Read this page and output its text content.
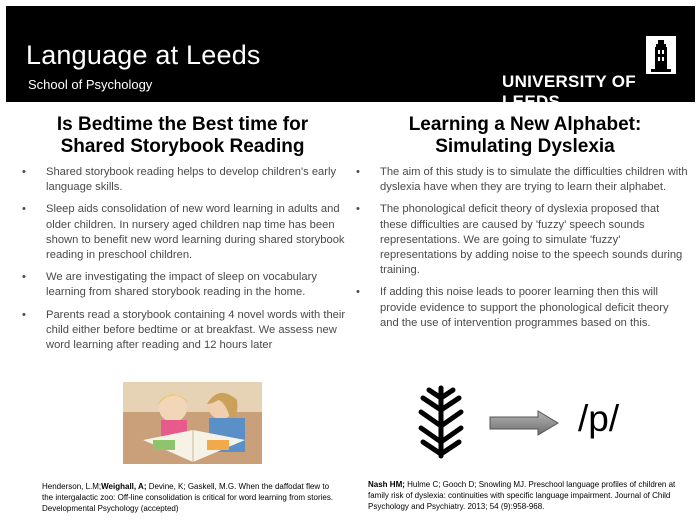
Language at Leeds
School of Psychology	UNIVERSITY OF LEEDS
Is Bedtime the Best time for
Shared Storybook Reading
• Shared storybook reading helps to develop children's early language skills.
• Sleep aids consolidation of new word learning in adults and older children. In nursery aged children nap time has been shown to benefit new word learning during shared storybook reading in preschool children.
• We are investigating the impact of sleep on vocabulary learning from shared storybook reading in the home.
• Parents read a storybook containing 4 novel words with their child either before bedtime or at breakfast. We assess new word learning after reading and 12 hours later
Henderson, L.M;Weighall, A; Devine, K; Gaskell, M.G. When the daffodat flew to the intergalactic zoo: Off-line consolidation is critical for word learning from stories. Developmental Psychology (accepted)
Learning a New Alphabet:
Simulating Dyslexia
• The aim of this study is to simulate the difficulties children with dyslexia have when they are trying to learn their alphabet.
• The phonological deficit theory of dyslexia proposed that these difficulties are caused by 'fuzzy' speech sounds representations. We are going to simulate 'fuzzy' representations by adding noise to the speech sounds during training.
• If adding this noise leads to poorer learning then this will provide evidence to support the phonological deficit theory and the use of intervention programmes based on this.
/p/
Nash HM; Hulme C; Gooch D; Snowling MJ. Preschool language profiles of children at family risk of dyslexia: continuities with specific language impairment. Journal of Child Psychology and Psychiatry. 2013; 54 (9):958-968.
